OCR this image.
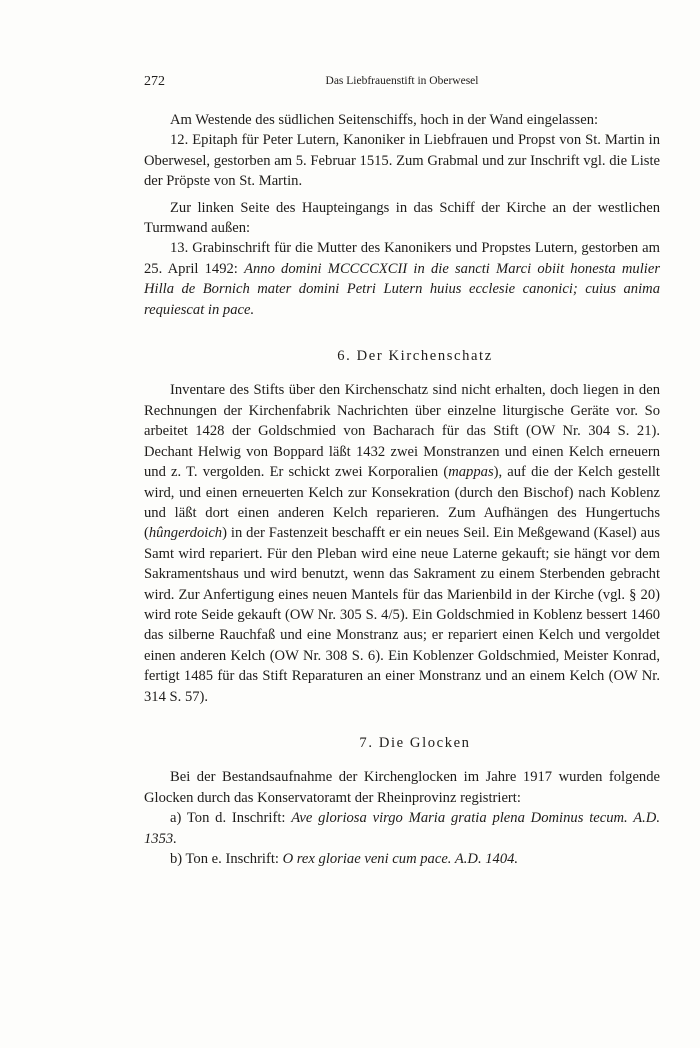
272	Das Liebfrauenstift in Oberwesel

Am Westende des südlichen Seitenschiffs, hoch in der Wand eingelassen:

12. Epitaph für Peter Lutern, Kanoniker in Liebfrauen und Propst von St. Martin in Oberwesel, gestorben am 5. Februar 1515. Zum Grabmal und zur Inschrift vgl. die Liste der Pröpste von St. Martin.

Zur linken Seite des Haupteingangs in das Schiff der Kirche an der westlichen Turmwand außen:

13. Grabinschrift für die Mutter des Kanonikers und Propstes Lutern, gestorben am 25. April 1492: Anno domini MCCCCXCII in die sancti Marci obiit honesta mulier Hilla de Bornich mater domini Petri Lutern huius ecclesie canonici; cuius anima requiescat in pace.

6. Der Kirchenschatz

Inventare des Stifts über den Kirchenschatz sind nicht erhalten, doch liegen in den Rechnungen der Kirchenfabrik Nachrichten über einzelne liturgische Geräte vor. So arbeitet 1428 der Goldschmied von Bacharach für das Stift (OW Nr. 304 S. 21). Dechant Helwig von Boppard läßt 1432 zwei Monstranzen und einen Kelch erneuern und z. T. vergolden. Er schickt zwei Korporalien (mappas), auf die der Kelch gestellt wird, und einen erneuerten Kelch zur Konsekration (durch den Bischof) nach Koblenz und läßt dort einen anderen Kelch reparieren. Zum Aufhängen des Hungertuchs (hûngerdoich) in der Fastenzeit beschafft er ein neues Seil. Ein Meßgewand (Kasel) aus Samt wird repariert. Für den Pleban wird eine neue Laterne gekauft; sie hängt vor dem Sakramentshaus und wird benutzt, wenn das Sakrament zu einem Sterbenden gebracht wird. Zur Anfertigung eines neuen Mantels für das Marienbild in der Kirche (vgl. § 20) wird rote Seide gekauft (OW Nr. 305 S. 4/5). Ein Goldschmied in Koblenz bessert 1460 das silberne Rauchfaß und eine Monstranz aus; er repariert einen Kelch und vergoldet einen anderen Kelch (OW Nr. 308 S. 6). Ein Koblenzer Goldschmied, Meister Konrad, fertigt 1485 für das Stift Reparaturen an einer Monstranz und an einem Kelch (OW Nr. 314 S. 57).

7. Die Glocken

Bei der Bestandsaufnahme der Kirchenglocken im Jahre 1917 wurden folgende Glocken durch das Konservatoramt der Rheinprovinz registriert:

a) Ton d. Inschrift: Ave gloriosa virgo Maria gratia plena Dominus tecum. A.D. 1353.

b) Ton e. Inschrift: O rex gloriae veni cum pace. A.D. 1404.
